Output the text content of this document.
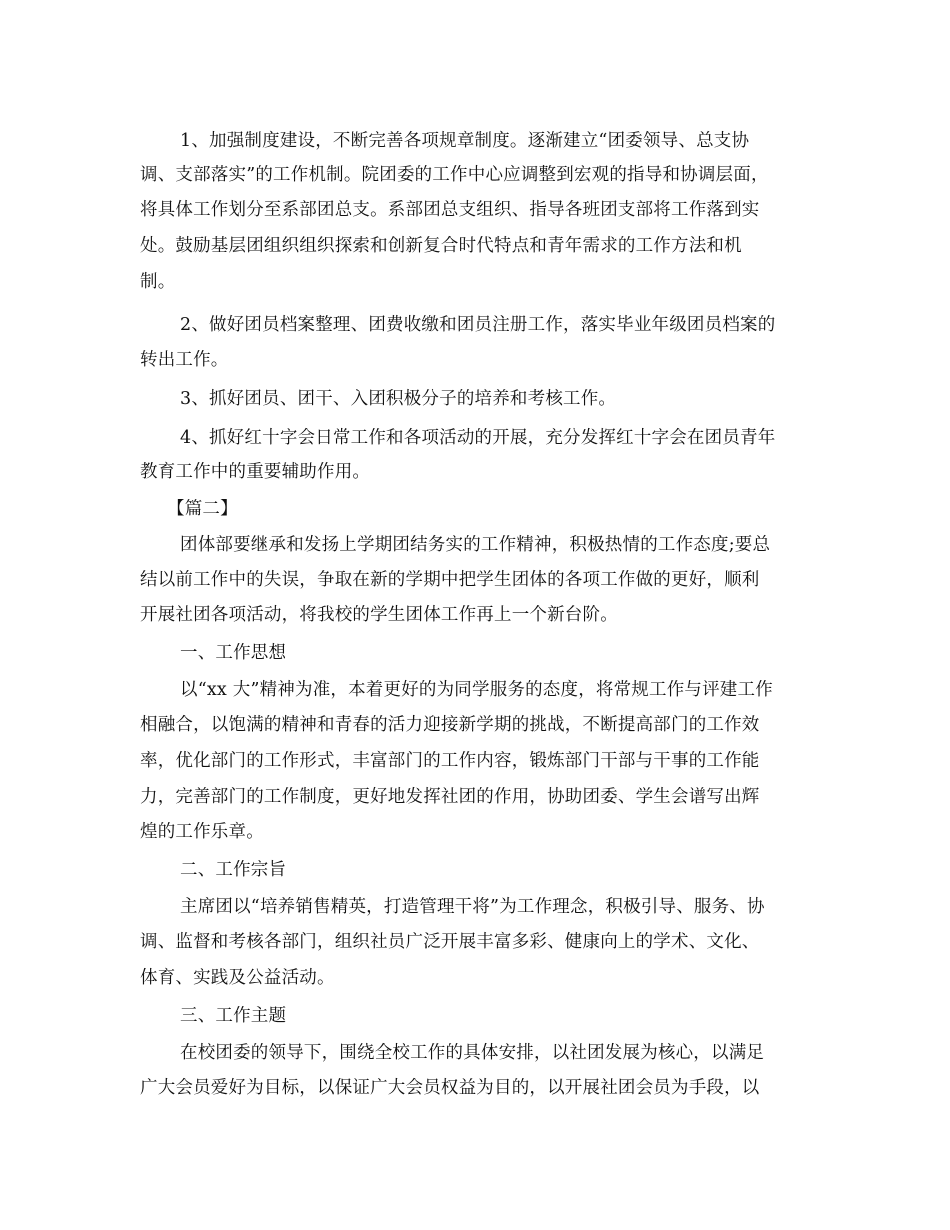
1、加强制度建设，不断完善各项规章制度。逐渐建立“团委领导、总支协

调、支部落实”的工作机制。院团委的工作中心应调整到宏观的指导和协调层面，

将具体工作划分至系部团总支。系部团总支组织、指导各班团支部将工作落到实

处。鼓励基层团组织组织探索和创新复合时代特点和青年需求的工作方法和机

制。

2、做好团员档案整理、团费收缴和团员注册工作，落实毕业年级团员档案的

转出工作。

3、抓好团员、团干、入团积极分子的培养和考核工作。

4、抓好红十字会日常工作和各项活动的开展，充分发挥红十字会在团员青年

教育工作中的重要辅助作用。

【篇二】

团体部要继承和发扬上学期团结务实的工作精神，积极热情的工作态度;要总

结以前工作中的失误，争取在新的学期中把学生团体的各项工作做的更好，顺利

开展社团各项活动，将我校的学生团体工作再上一个新台阶。

一、工作思想

以“xx 大”精神为准，本着更好的为同学服务的态度，将常规工作与评建工作

相融合，以饱满的精神和青春的活力迎接新学期的挑战，不断提高部门的工作效

率，优化部门的工作形式，丰富部门的工作内容，锻炼部门干部与干事的工作能

力，完善部门的工作制度，更好地发挥社团的作用，协助团委、学生会谱写出辉

煌的工作乐章。

二、工作宗旨

主席团以“培养销售精英，打造管理干将”为工作理念，积极引导、服务、协

调、监督和考核各部门，组织社员广泛开展丰富多彩、健康向上的学术、文化、

体育、实践及公益活动。

三、工作主题

在校团委的领导下，围绕全校工作的具体安排，以社团发展为核心，以满足

广大会员爱好为目标，以保证广大会员权益为目的，以开展社团会员为手段，以
